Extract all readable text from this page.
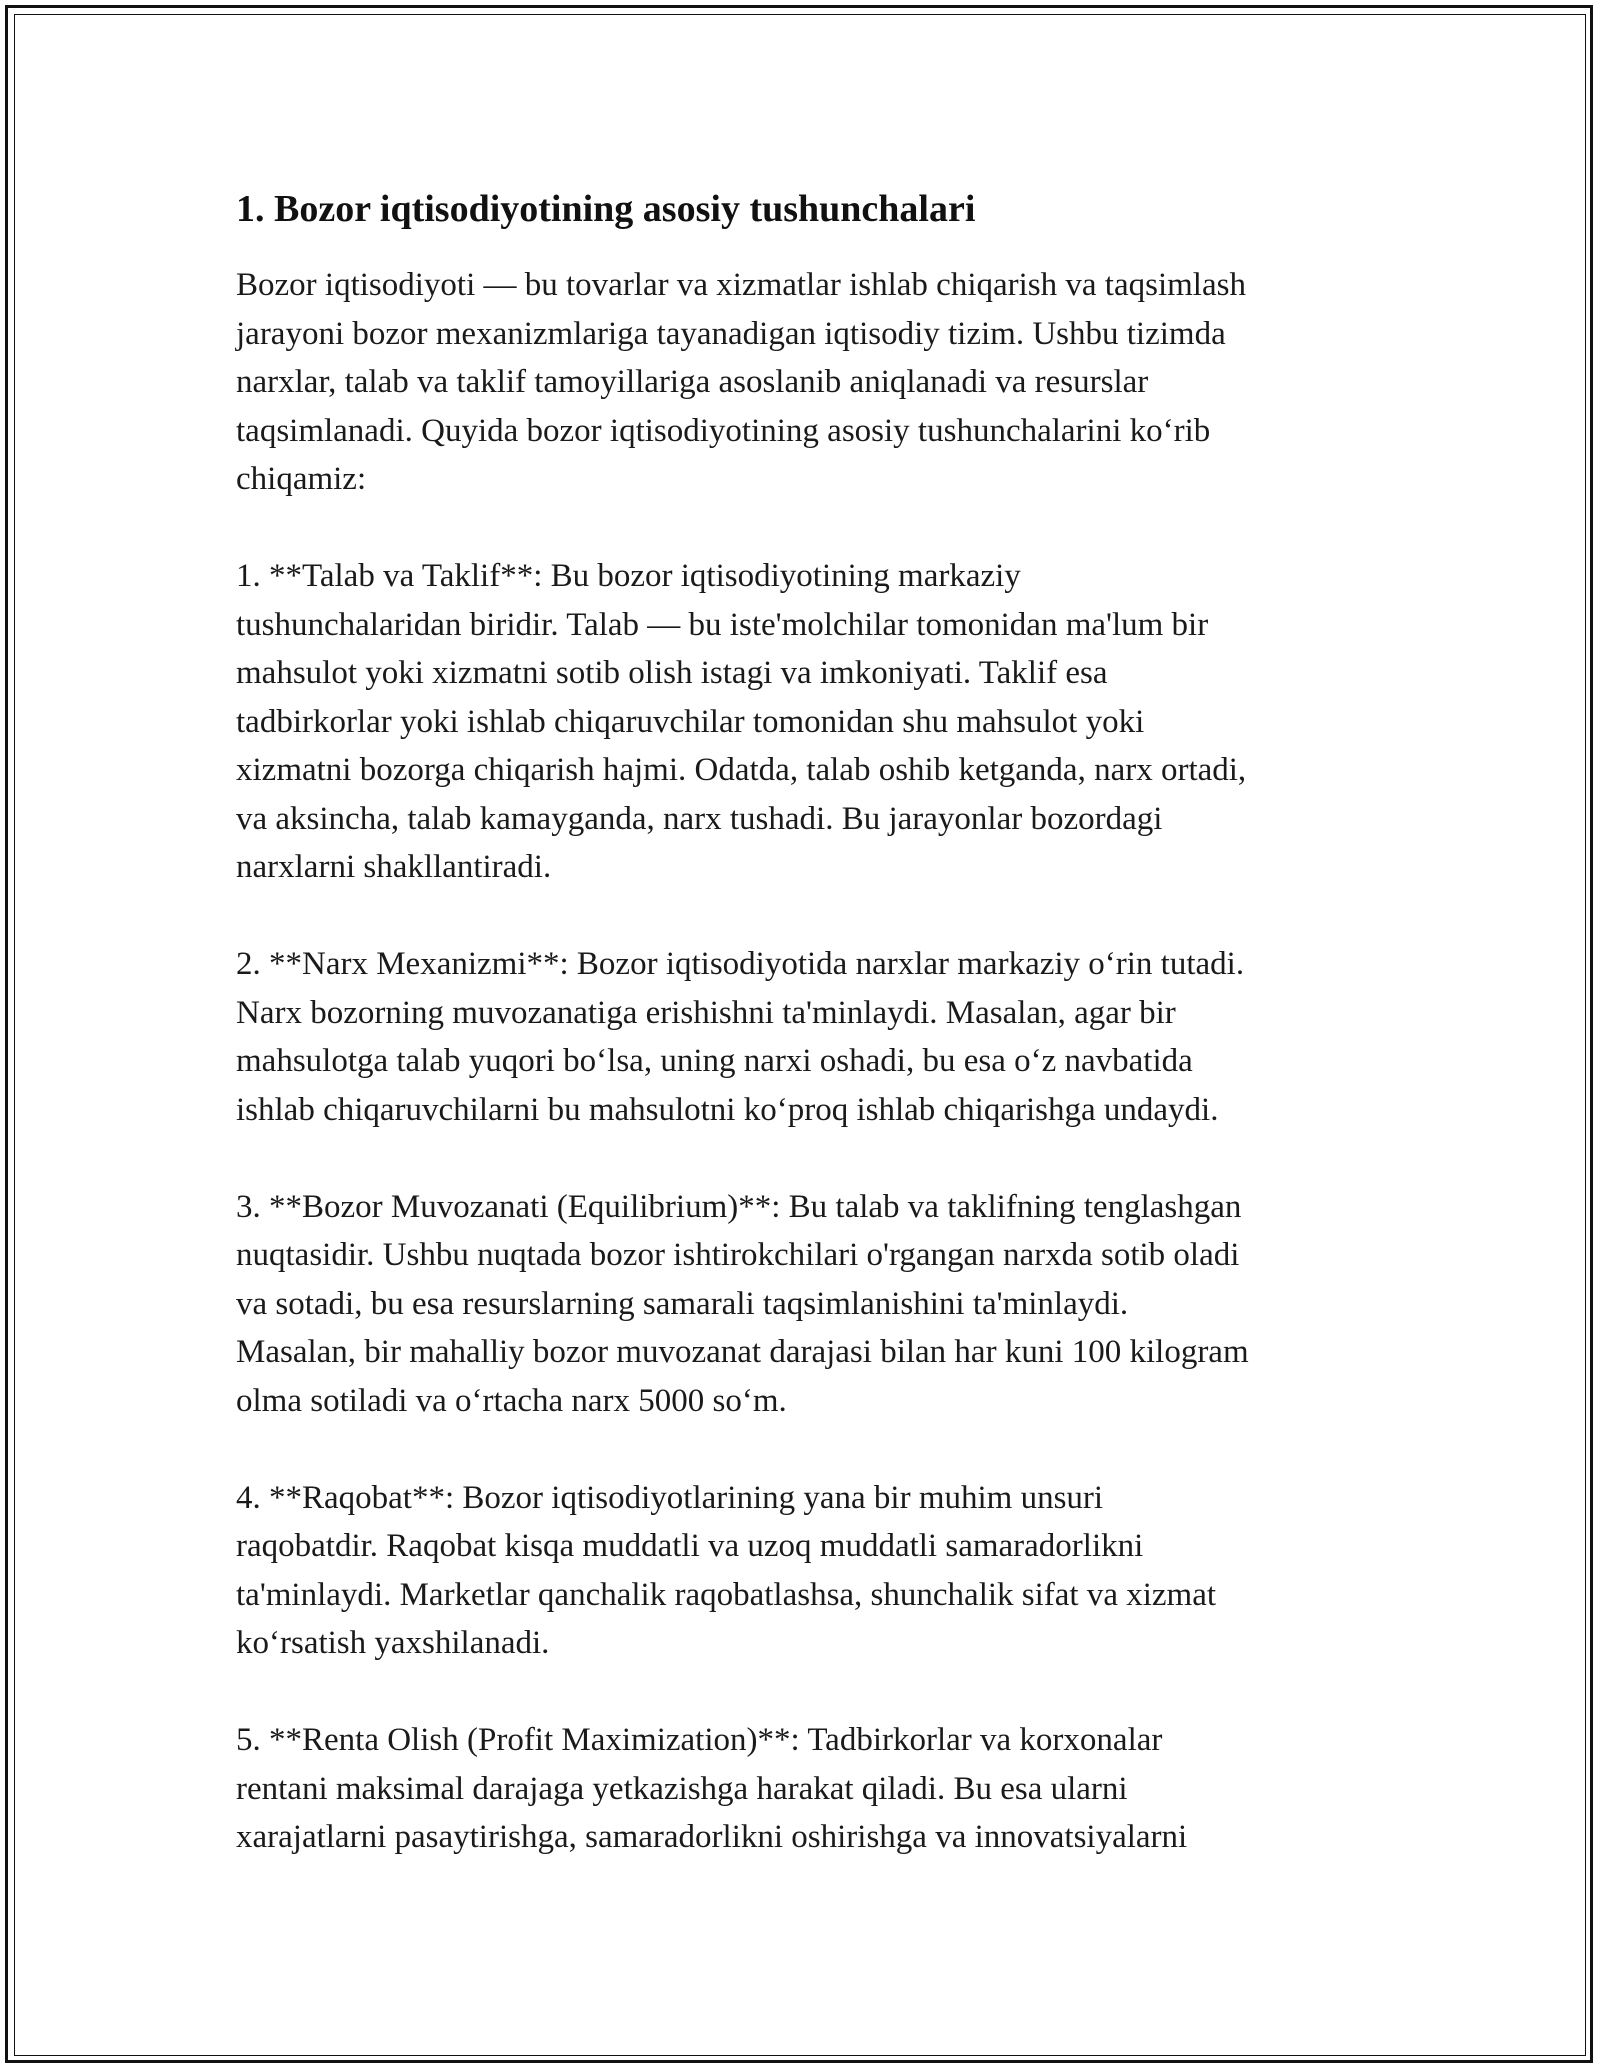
1. Bozor iqtisodiyotining asosiy tushunchalari

Bozor iqtisodiyoti — bu tovarlar va xizmatlar ishlab chiqarish va taqsimlash
jarayoni bozor mexanizmlariga tayanadigan iqtisodiy tizim. Ushbu tizimda
narxlar, talab va taklif tamoyillariga asoslanib aniqlanadi va resurslar
taqsimlanadi. Quyida bozor iqtisodiyotining asosiy tushunchalarini ko‘rib
chiqamiz:

1. **Talab va Taklif**: Bu bozor iqtisodiyotining markaziy
tushunchalaridan biridir. Talab — bu iste'molchilar tomonidan ma'lum bir
mahsulot yoki xizmatni sotib olish istagi va imkoniyati. Taklif esa
tadbirkorlar yoki ishlab chiqaruvchilar tomonidan shu mahsulot yoki
xizmatni bozorga chiqarish hajmi. Odatda, talab oshib ketganda, narx ortadi,
va aksincha, talab kamayganda, narx tushadi. Bu jarayonlar bozordagi
narxlarni shakllantiradi.

2. **Narx Mexanizmi**: Bozor iqtisodiyotida narxlar markaziy o‘rin tutadi.
Narx bozorning muvozanatiga erishishni ta'minlaydi. Masalan, agar bir
mahsulotga talab yuqori bo‘lsa, uning narxi oshadi, bu esa o‘z navbatida
ishlab chiqaruvchilarni bu mahsulotni ko‘proq ishlab chiqarishga undaydi.

3. **Bozor Muvozanati (Equilibrium)**: Bu talab va taklifning tenglashgan
nuqtasidir. Ushbu nuqtada bozor ishtirokchilari o'rgangan narxda sotib oladi
va sotadi, bu esa resurslarning samarali taqsimlanishini ta'minlaydi.
Masalan, bir mahalliy bozor muvozanat darajasi bilan har kuni 100 kilogram
olma sotiladi va o‘rtacha narx 5000 so‘m.

4. **Raqobat**: Bozor iqtisodiyotlarining yana bir muhim unsuri
raqobatdir. Raqobat kisqa muddatli va uzoq muddatli samaradorlikni
ta'minlaydi. Marketlar qanchalik raqobatlashsa, shunchalik sifat va xizmat
ko‘rsatish yaxshilanadi.

5. **Renta Olish (Profit Maximization)**: Tadbirkorlar va korxonalar
rentani maksimal darajaga yetkazishga harakat qiladi. Bu esa ularni
xarajatlarni pasaytirishga, samaradorlikni oshirishga va innovatsiyalarni
